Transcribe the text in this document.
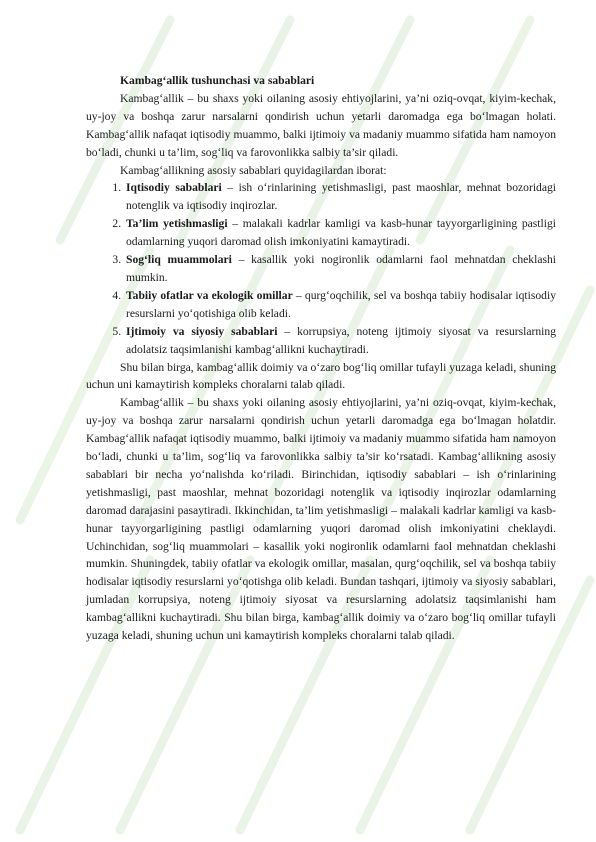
Kambag‘allik tushunchasi va sabablari

Kambag‘allik – bu shaxs yoki oilaning asosiy ehtiyojlarini, ya’ni oziq-ovqat, kiyim-kechak, uy-joy va boshqa zarur narsalarni qondirish uchun yetarli daromadga ega bo‘lmagan holati. Kambag‘allik nafaqat iqtisodiy muammo, balki ijtimoiy va madaniy muammo sifatida ham namoyon bo‘ladi, chunki u ta’lim, sog‘liq va farovonlikka salbiy ta’sir qiladi.

Kambag‘allikning asosiy sabablari quyidagilardan iborat:

1. Iqtisodiy sabablari – ish o‘rinlarining yetishmasligi, past maoshlar, mehnat bozoridagi notenglik va iqtisodiy inqirozlar.
2. Ta’lim yetishmasligi – malakali kadrlar kamligi va kasb-hunar tayyorgarligining pastligi odamlarning yuqori daromad olish imkoniyatini kamaytiradi.
3. Sog‘liq muammolari – kasallik yoki nogironlik odamlarni faol mehnatdan cheklashi mumkin.
4. Tabiiy ofatlar va ekologik omillar – qurg‘oqchilik, sel va boshqa tabiiy hodisalar iqtisodiy resurslarni yo‘qotishiga olib keladi.
5. Ijtimoiy va siyosiy sabablari – korrupsiya, noteng ijtimoiy siyosat va resurslarning adolatsiz taqsimlanishi kambag‘allikni kuchaytiradi.

Shu bilan birga, kambag‘allik doimiy va o‘zaro bog‘liq omillar tufayli yuzaga keladi, shuning uchun uni kamaytirish kompleks choralarni talab qiladi.

Kambag‘allik – bu shaxs yoki oilaning asosiy ehtiyojlarini, ya’ni oziq-ovqat, kiyim-kechak, uy-joy va boshqa zarur narsalarni qondirish uchun yetarli daromadga ega bo‘lmagan holatdir. Kambag‘allik nafaqat iqtisodiy muammo, balki ijtimoiy va madaniy muammo sifatida ham namoyon bo‘ladi, chunki u ta’lim, sog‘liq va farovonlikka salbiy ta’sir ko‘rsatadi. Kambag‘allikning asosiy sabablari bir necha yo‘nalishda ko‘riladi. Birinchidan, iqtisodiy sabablari – ish o‘rinlarining yetishmasligi, past maoshlar, mehnat bozoridagi notenglik va iqtisodiy inqirozlar odamlarning daromad darajasini pasaytiradi. Ikkinchidan, ta’lim yetishmasligi – malakali kadrlar kamligi va kasb-hunar tayyorgarligining pastligi odamlarning yuqori daromad olish imkoniyatini cheklaydi. Uchinchidan, sog‘liq muammolari – kasallik yoki nogironlik odamlarni faol mehnatdan cheklashi mumkin. Shuningdek, tabiiy ofatlar va ekologik omillar, masalan, qurg‘oqchilik, sel va boshqa tabiiy hodisalar iqtisodiy resurslarni yo‘qotishga olib keladi. Bundan tashqari, ijtimoiy va siyosiy sabablari, jumladan korrupsiya, noteng ijtimoiy siyosat va resurslarning adolatsiz taqsimlanishi ham kambag‘allikni kuchaytiradi. Shu bilan birga, kambag‘allik doimiy va o‘zaro bog‘liq omillar tufayli yuzaga keladi, shuning uchun uni kamaytirish kompleks choralarni talab qiladi.
